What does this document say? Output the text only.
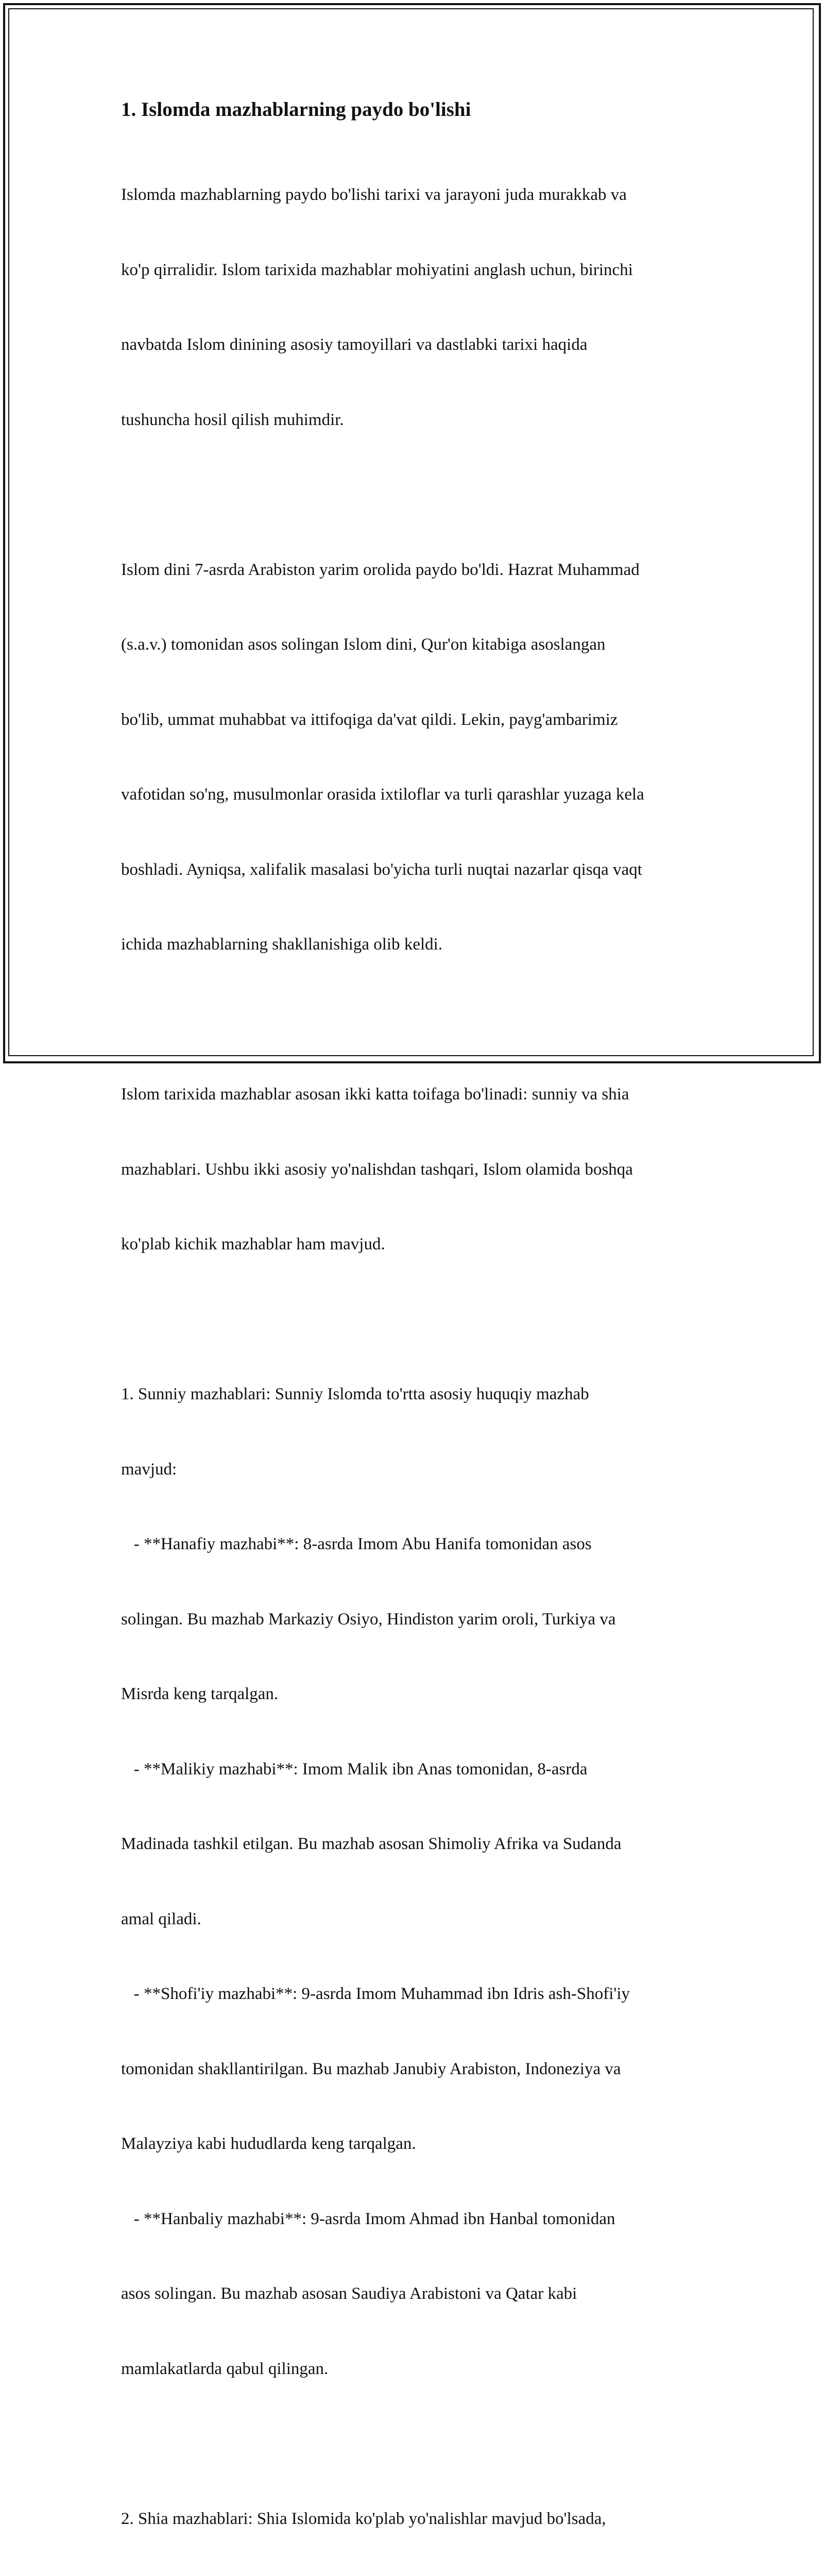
1. Islomda mazhablarning paydo bo'lishi

Islomda mazhablarning paydo bo'lishi tarixi va jarayoni juda murakkab va

ko'p qirralidir. Islom tarixida mazhablar mohiyatini anglash uchun, birinchi

navbatda Islom dinining asosiy tamoyillari va dastlabki tarixi haqida

tushuncha hosil qilish muhimdir.

Islom dini 7-asrda Arabiston yarim orolida paydo bo'ldi. Hazrat Muhammad

(s.a.v.) tomonidan asos solingan Islom dini, Qur'on kitabiga asoslangan

bo'lib, ummat muhabbat va ittifoqiga da'vat qildi. Lekin, payg'ambarimiz

vafotidan so'ng, musulmonlar orasida ixtiloflar va turli qarashlar yuzaga kela

boshladi. Ayniqsa, xalifalik masalasi bo'yicha turli nuqtai nazarlar qisqa vaqt

ichida mazhablarning shakllanishiga olib keldi.

Islom tarixida mazhablar asosan ikki katta toifaga bo'linadi: sunniy va shia

mazhablari. Ushbu ikki asosiy yo'nalishdan tashqari, Islom olamida boshqa

ko'plab kichik mazhablar ham mavjud.

1. Sunniy mazhablari: Sunniy Islomda to'rtta asosiy huquqiy mazhab

mavjud:

- **Hanafiy mazhabi**: 8-asrda Imom Abu Hanifa tomonidan asos

solingan. Bu mazhab Markaziy Osiyo, Hindiston yarim oroli, Turkiya va

Misrda keng tarqalgan.

- **Malikiy mazhabi**: Imom Malik ibn Anas tomonidan, 8-asrda

Madinada tashkil etilgan. Bu mazhab asosan Shimoliy Afrika va Sudanda

amal qiladi.

- **Shofi'iy mazhabi**: 9-asrda Imom Muhammad ibn Idris ash-Shofi'iy

tomonidan shakllantirilgan. Bu mazhab Janubiy Arabiston, Indoneziya va

Malayziya kabi hududlarda keng tarqalgan.

- **Hanbaliy mazhabi**: 9-asrda Imom Ahmad ibn Hanbal tomonidan

asos solingan. Bu mazhab asosan Saudiya Arabistoni va Qatar kabi

mamlakatlarda qabul qilingan.

2. Shia mazhablari: Shia Islomida ko'plab yo'nalishlar mavjud bo'lsada,
